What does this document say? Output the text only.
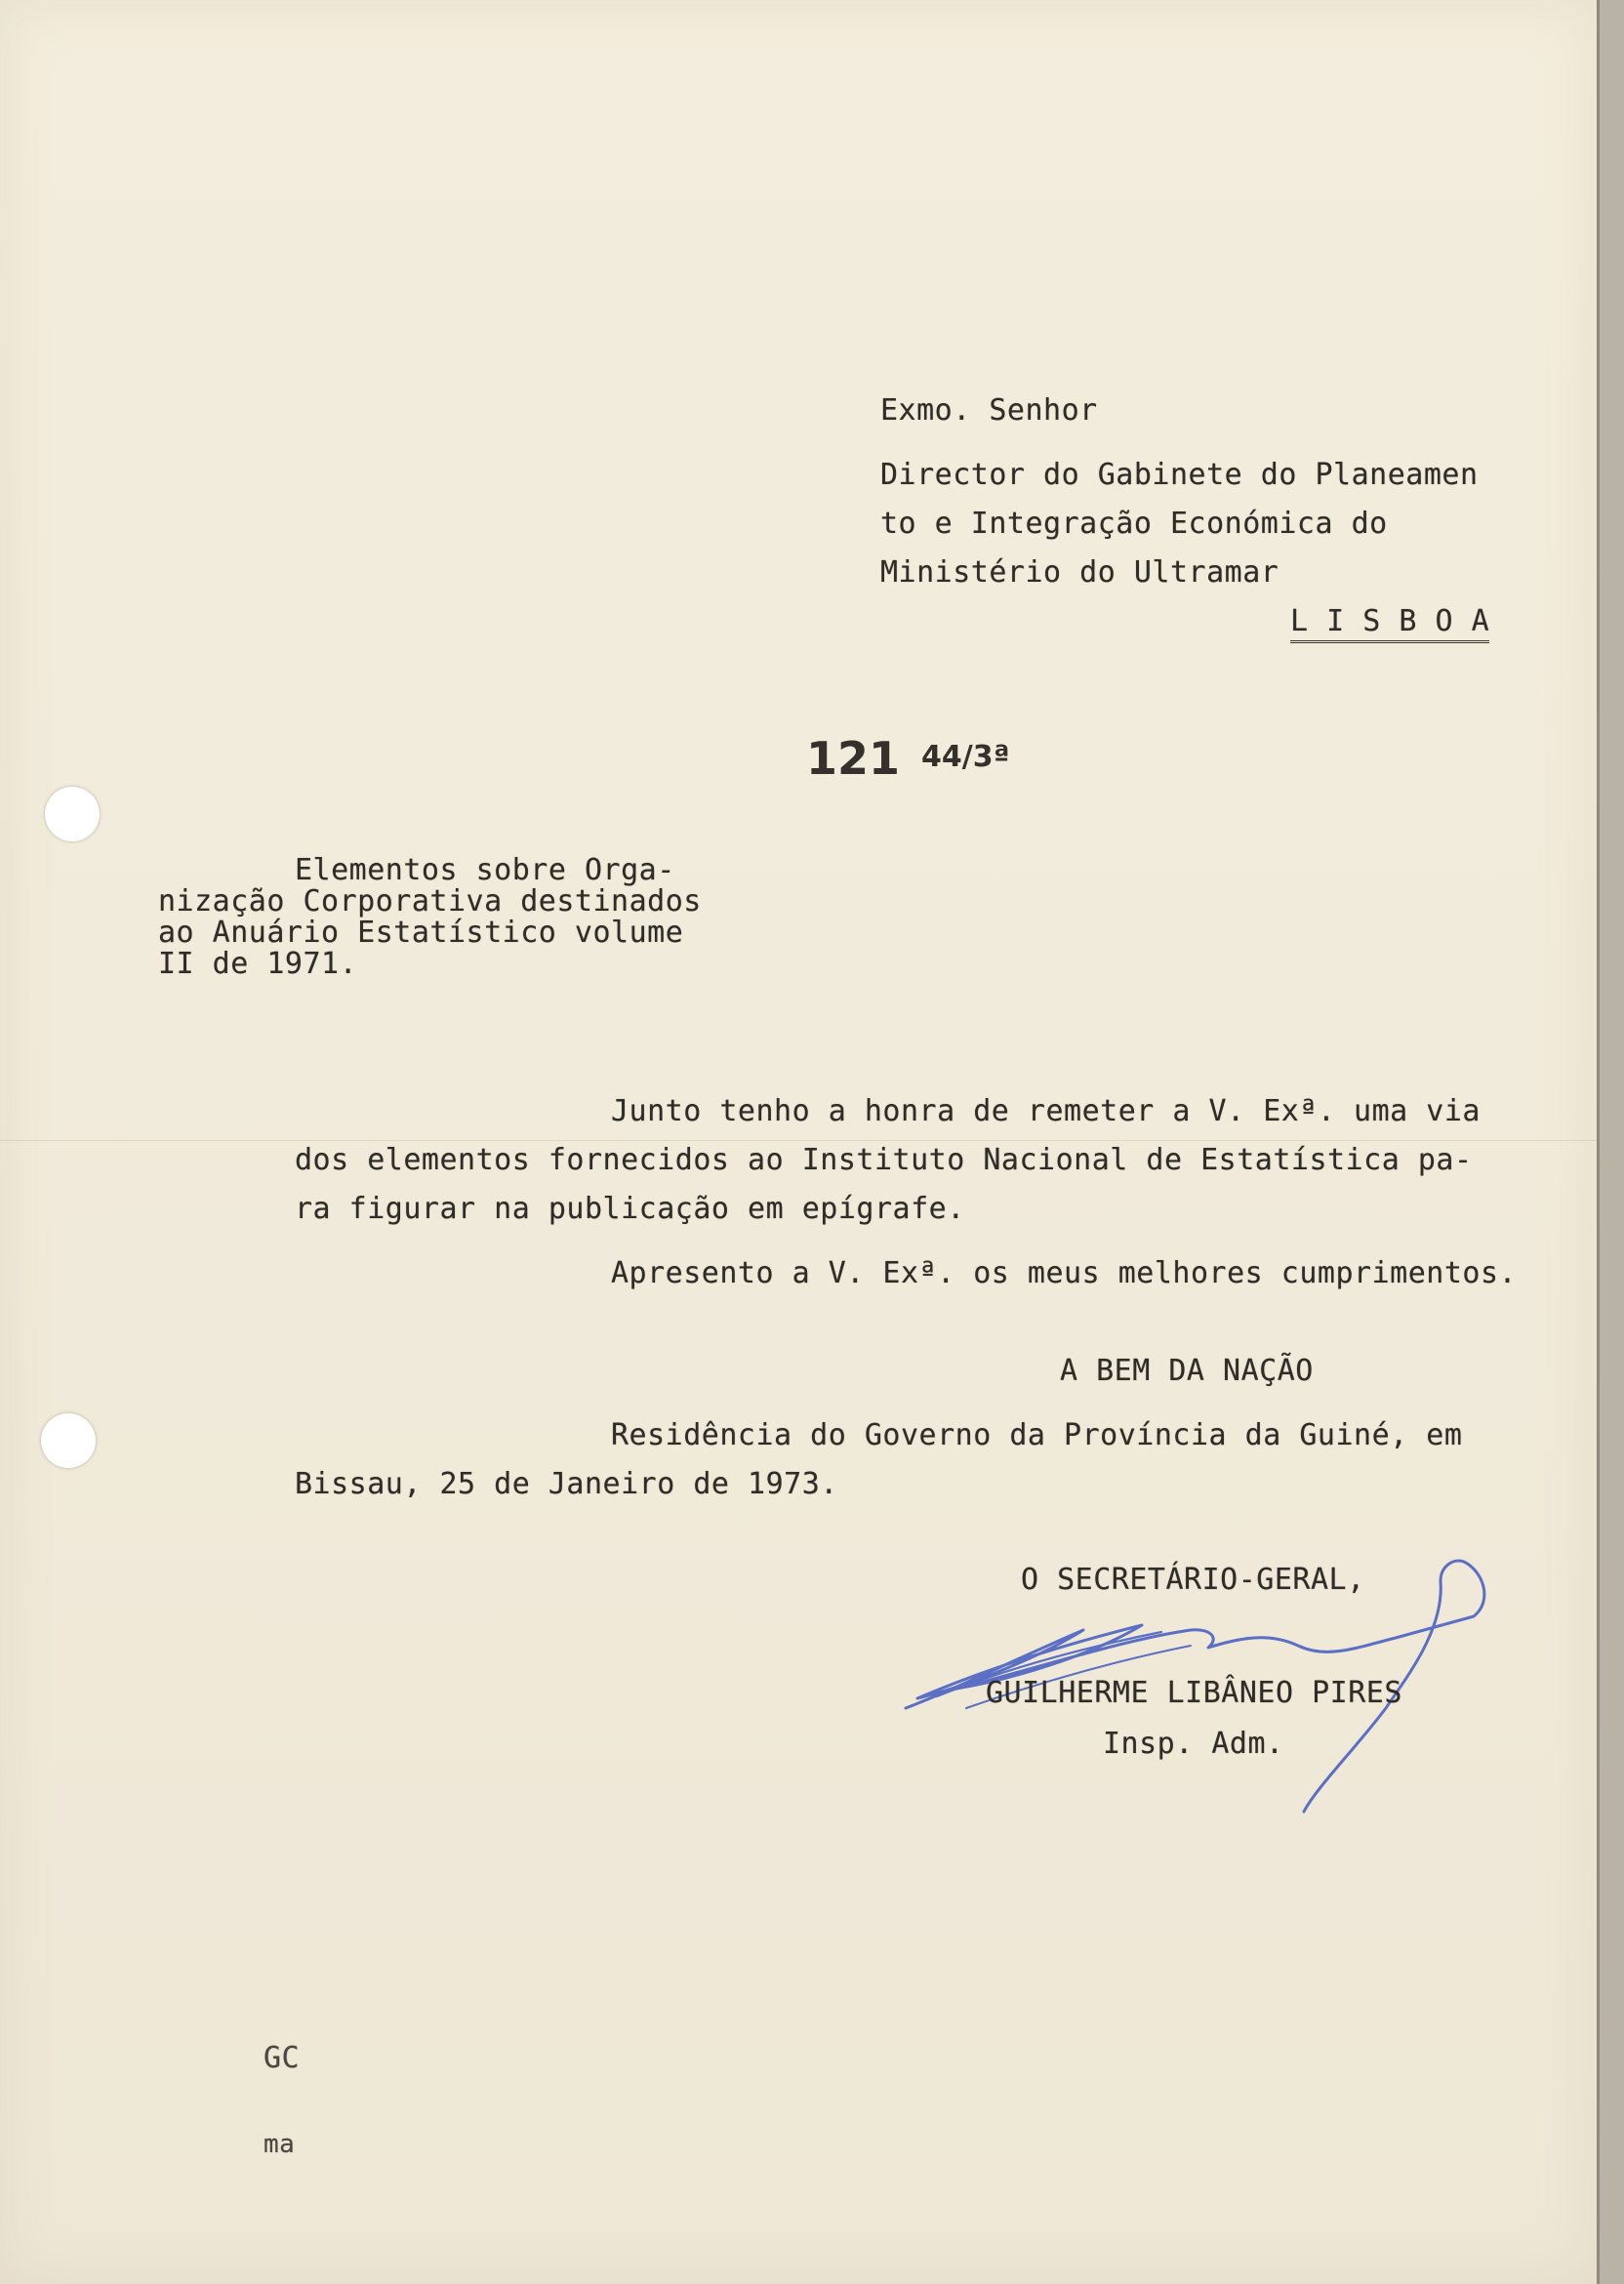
Exmo. Senhor

Director do Gabinete do Planeamen

to e Integração Económica do

Ministério do Ultramar

L I S B O A

121 44/3ª

Elementos sobre Orga-

nização Corporativa destinados

ao Anuário Estatístico volume

II de 1971.

Junto tenho a honra de remeter a V. Exª. uma via

dos elementos fornecidos ao Instituto Nacional de Estatística pa-

ra figurar na publicação em epígrafe.

Apresento a V. Exª. os meus melhores cumprimentos.

A BEM DA NAÇÃO

Residência do Governo da Província da Guiné, em

Bissau, 25 de Janeiro de 1973.

O SECRETÁRIO-GERAL,

GUILHERME LIBÂNEO PIRES

Insp. Adm.

GC

ma
